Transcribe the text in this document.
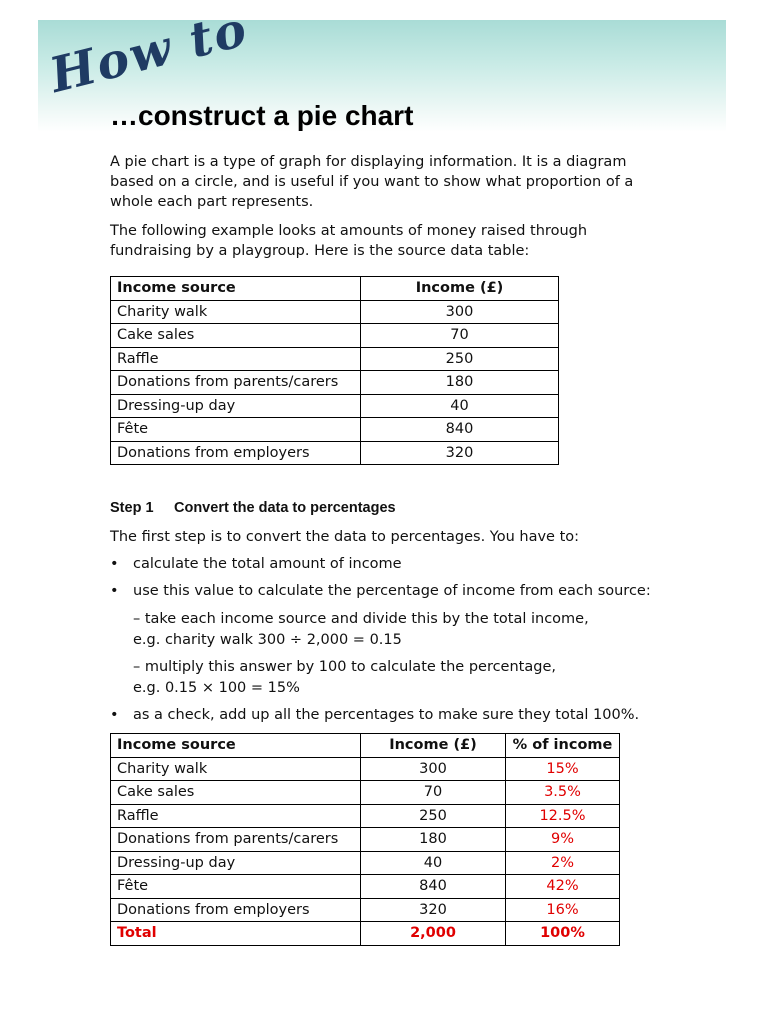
How to

…construct a pie chart

A pie chart is a type of graph for displaying information. It is a diagram based on a circle, and is useful if you want to show what proportion of a whole each part represents.

The following example looks at amounts of money raised through fundraising by a playgroup. Here is the source data table:

Income source	Income (£)
Charity walk	300
Cake sales	70
Raffle	250
Donations from parents/carers	180
Dressing-up day	40
Fête	840
Donations from employers	320

Step 1 Convert the data to percentages

The first step is to convert the data to percentages. You have to:

• calculate the total amount of income

• use this value to calculate the percentage of income from each source:

– take each income source and divide this by the total income,

e.g. charity walk 300 ÷ 2,000 = 0.15

– multiply this answer by 100 to calculate the percentage,

e.g. 0.15 × 100 = 15%

• as a check, add up all the percentages to make sure they total 100%.

Income source	Income (£)	% of income
Charity walk	300	15%
Cake sales	70	3.5%
Raffle	250	12.5%
Donations from parents/carers	180	9%
Dressing-up day	40	2%
Fête	840	42%
Donations from employers	320	16%
Total	2,000	100%
